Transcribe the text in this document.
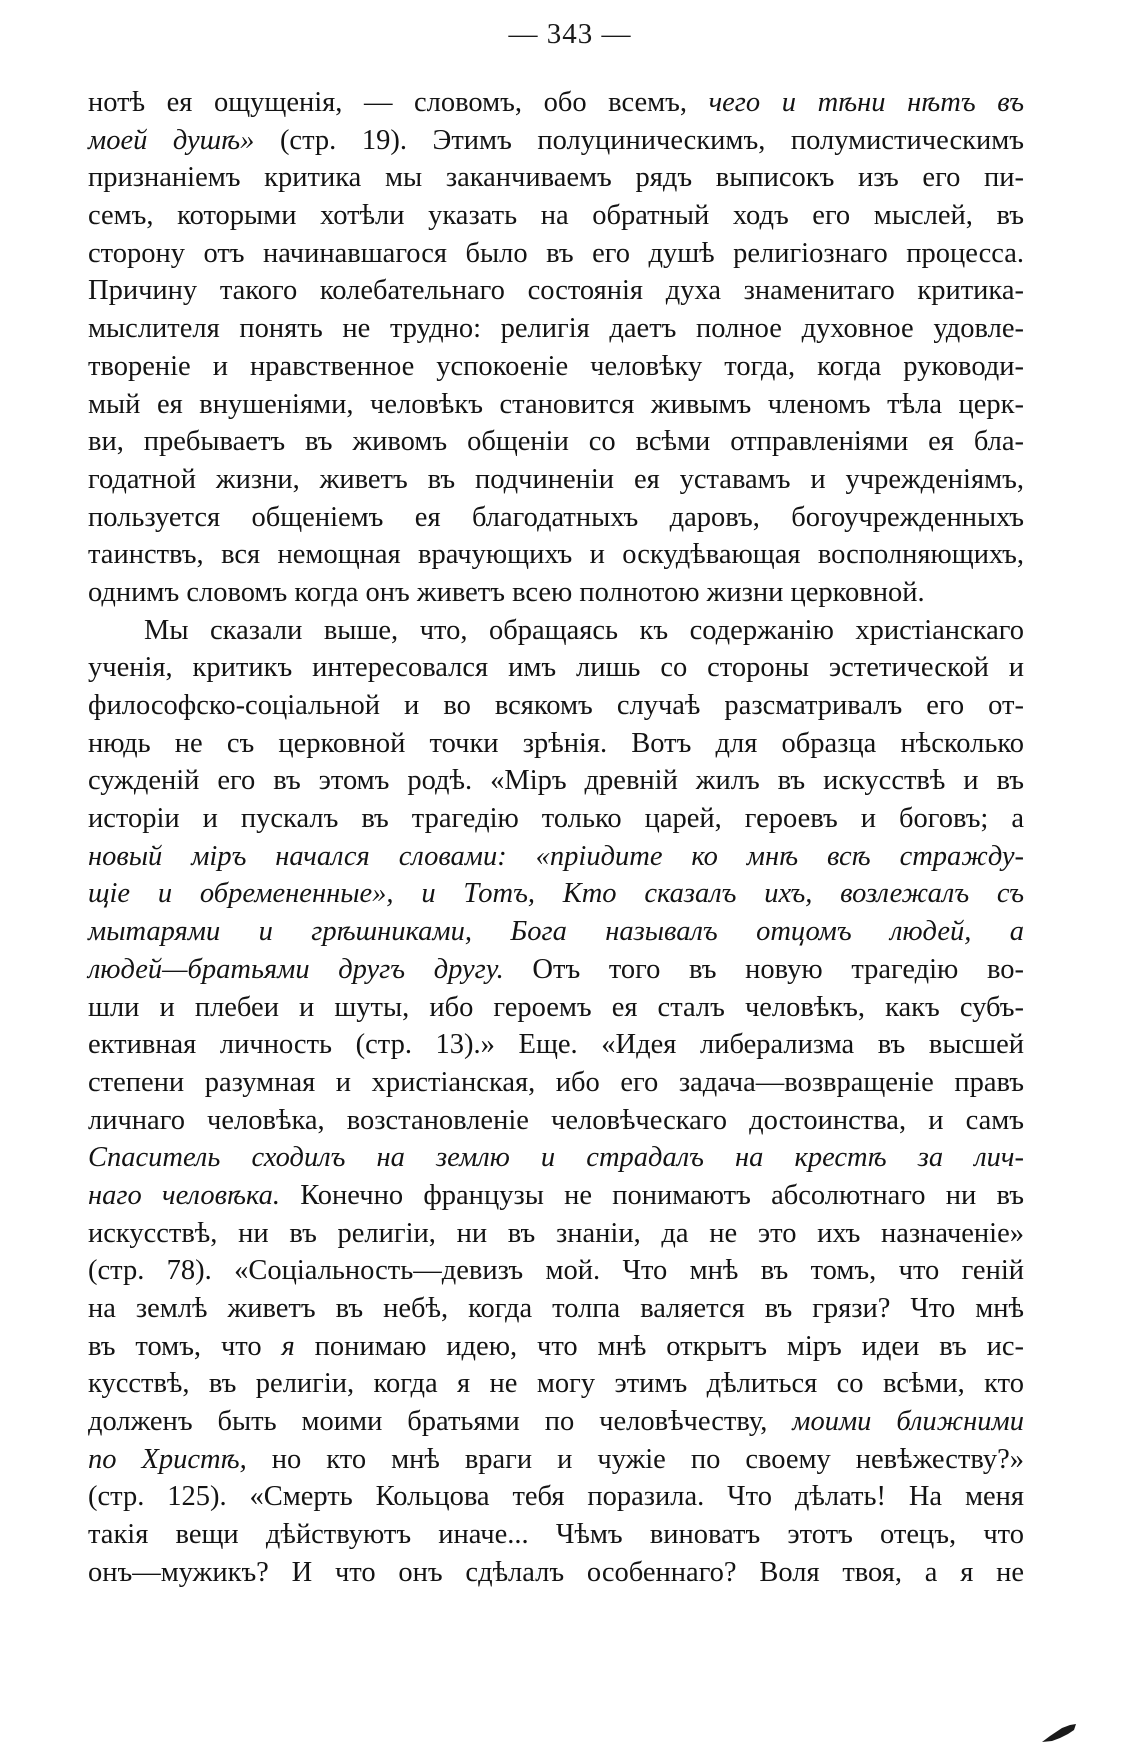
— 343 —
нотѣ ея ощущенія, — словомъ, обо всемъ, чего и тѣни нѣтъ въ
моей душѣ» (стр. 19). Этимъ полуциническимъ, полумистическимъ
признаніемъ критика мы заканчиваемъ рядъ выписокъ изъ его пи-
семъ, которыми хотѣли указать на обратный ходъ его мыслей, въ
сторону отъ начинавшагося было въ его душѣ религіознаго процесса.
Причину такого колебательнаго состоянія духа знаменитаго критика-
мыслителя понять не трудно: религія даетъ полное духовное удовле-
твореніе и нравственное успокоеніе человѣку тогда, когда руководи-
мый ея внушеніями, человѣкъ становится живымъ членомъ тѣла церк-
ви, пребываетъ въ живомъ общеніи со всѣми отправленіями ея бла-
годатной жизни, живетъ въ подчиненіи ея уставамъ и учрежденіямъ,
пользуется общеніемъ ея благодатныхъ даровъ, богоучрежденныхъ
таинствъ, вся немощная врачующихъ и оскудѣвающая восполняющихъ,
однимъ словомъ когда онъ живетъ всею полнотою жизни церковной.
Мы сказали выше, что, обращаясь къ содержанію христіанскаго
ученія, критикъ интересовался имъ лишь со стороны эстетической и
философско-соціальной и во всякомъ случаѣ разсматривалъ его от-
нюдь не съ церковной точки зрѣнія. Вотъ для образца нѣсколько
сужденій его въ этомъ родѣ. «Міръ древній жилъ въ искусствѣ и въ
исторіи и пускалъ въ трагедію только царей, героевъ и боговъ; а
новый міръ начался словами: «пріидите ко мнѣ всѣ стражду-
щіе и обремененные», и Тотъ, Кто сказалъ ихъ, возлежалъ съ
мытарями и грѣшниками, Бога называлъ отцомъ людей, а
людей—братьями другъ другу. Отъ того въ новую трагедію во-
шли и плебеи и шуты, ибо героемъ ея сталъ человѣкъ, какъ субъ-
ективная личность (стр. 13).» Еще. «Идея либерализма въ высшей
степени разумная и христіанская, ибо его задача—возвращеніе правъ
личнаго человѣка, возстановленіе человѣческаго достоинства, и самъ
Спаситель сходилъ на землю и страдалъ на крестѣ за лич-
наго человѣка. Конечно французы не понимаютъ абсолютнаго ни въ
искусствѣ, ни въ религіи, ни въ знаніи, да не это ихъ назначеніе»
(стр. 78). «Соціальность—девизъ мой. Что мнѣ въ томъ, что геній
на землѣ живетъ въ небѣ, когда толпа валяется въ грязи? Что мнѣ
въ томъ, что я понимаю идею, что мнѣ открытъ міръ идеи въ ис-
кусствѣ, въ религіи, когда я не могу этимъ дѣлиться со всѣми, кто
долженъ быть моими братьями по человѣчеству, моими ближними
по Христѣ, но кто мнѣ враги и чужіе по своему невѣжеству?»
(стр. 125). «Смерть Кольцова тебя поразила. Что дѣлать! На меня
такія вещи дѣйствуютъ иначе... Чѣмъ виноватъ этотъ отецъ, что
онъ—мужикъ? И что онъ сдѣлалъ особеннаго? Воля твоя, а я не
